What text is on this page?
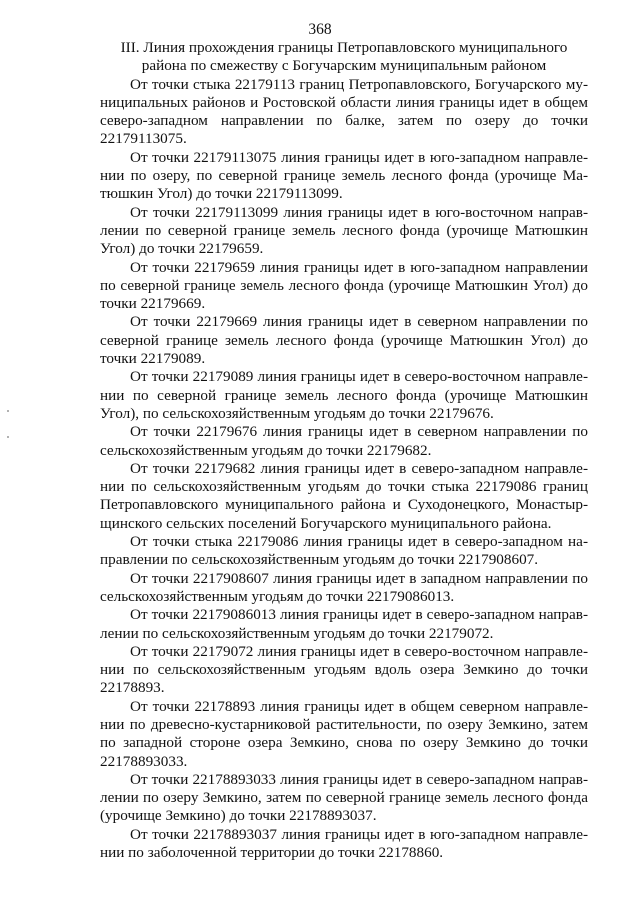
368

III. Линия прохождения границы Петропавловского муниципального района по смежеству с Богучарским муниципальным районом

От точки стыка 22179113 границ Петропавловского, Богучарского муниципальных районов и Ростовской области линия границы идет в общем северо-западном направлении по балке, затем по озеру до точки 22179113075.

От точки 22179113075 линия границы идет в юго-западном направлении по озеру, по северной границе земель лесного фонда (урочище Матюшкин Угол) до точки 22179113099.

От точки 22179113099 линия границы идет в юго-восточном направлении по северной границе земель лесного фонда (урочище Матюшкин Угол) до точки 22179659.

От точки 22179659 линия границы идет в юго-западном направлении по северной границе земель лесного фонда (урочище Матюшкин Угол) до точки 22179669.

От точки 22179669 линия границы идет в северном направлении по северной границе земель лесного фонда (урочище Матюшкин Угол) до точки 22179089.

От точки 22179089 линия границы идет в северо-восточном направлении по северной границе земель лесного фонда (урочище Матюшкин Угол), по сельскохозяйственным угодьям до точки 22179676.

От точки 22179676 линия границы идет в северном направлении по сельскохозяйственным угодьям до точки 22179682.

От точки 22179682 линия границы идет в северо-западном направлении по сельскохозяйственным угодьям до точки стыка 22179086 границ Петропавловского муниципального района и Суходонецкого, Монастырщинского сельских поселений Богучарского муниципального района.

От точки стыка 22179086 линия границы идет в северо-западном направлении по сельскохозяйственным угодьям до точки 2217908607.

От точки 2217908607 линия границы идет в западном направлении по сельскохозяйственным угодьям до точки 22179086013.

От точки 22179086013 линия границы идет в северо-западном направлении по сельскохозяйственным угодьям до точки 22179072.

От точки 22179072 линия границы идет в северо-восточном направлении по сельскохозяйственным угодьям вдоль озера Земкино до точки 22178893.

От точки 22178893 линия границы идет в общем северном направлении по древесно-кустарниковой растительности, по озеру Земкино, затем по западной стороне озера Земкино, снова по озеру Земкино до точки 22178893033.

От точки 22178893033 линия границы идет в северо-западном направлении по озеру Земкино, затем по северной границе земель лесного фонда (урочище Земкино) до точки 22178893037.

От точки 22178893037 линия границы идет в юго-западном направлении по заболоченной территории до точки 22178860.
